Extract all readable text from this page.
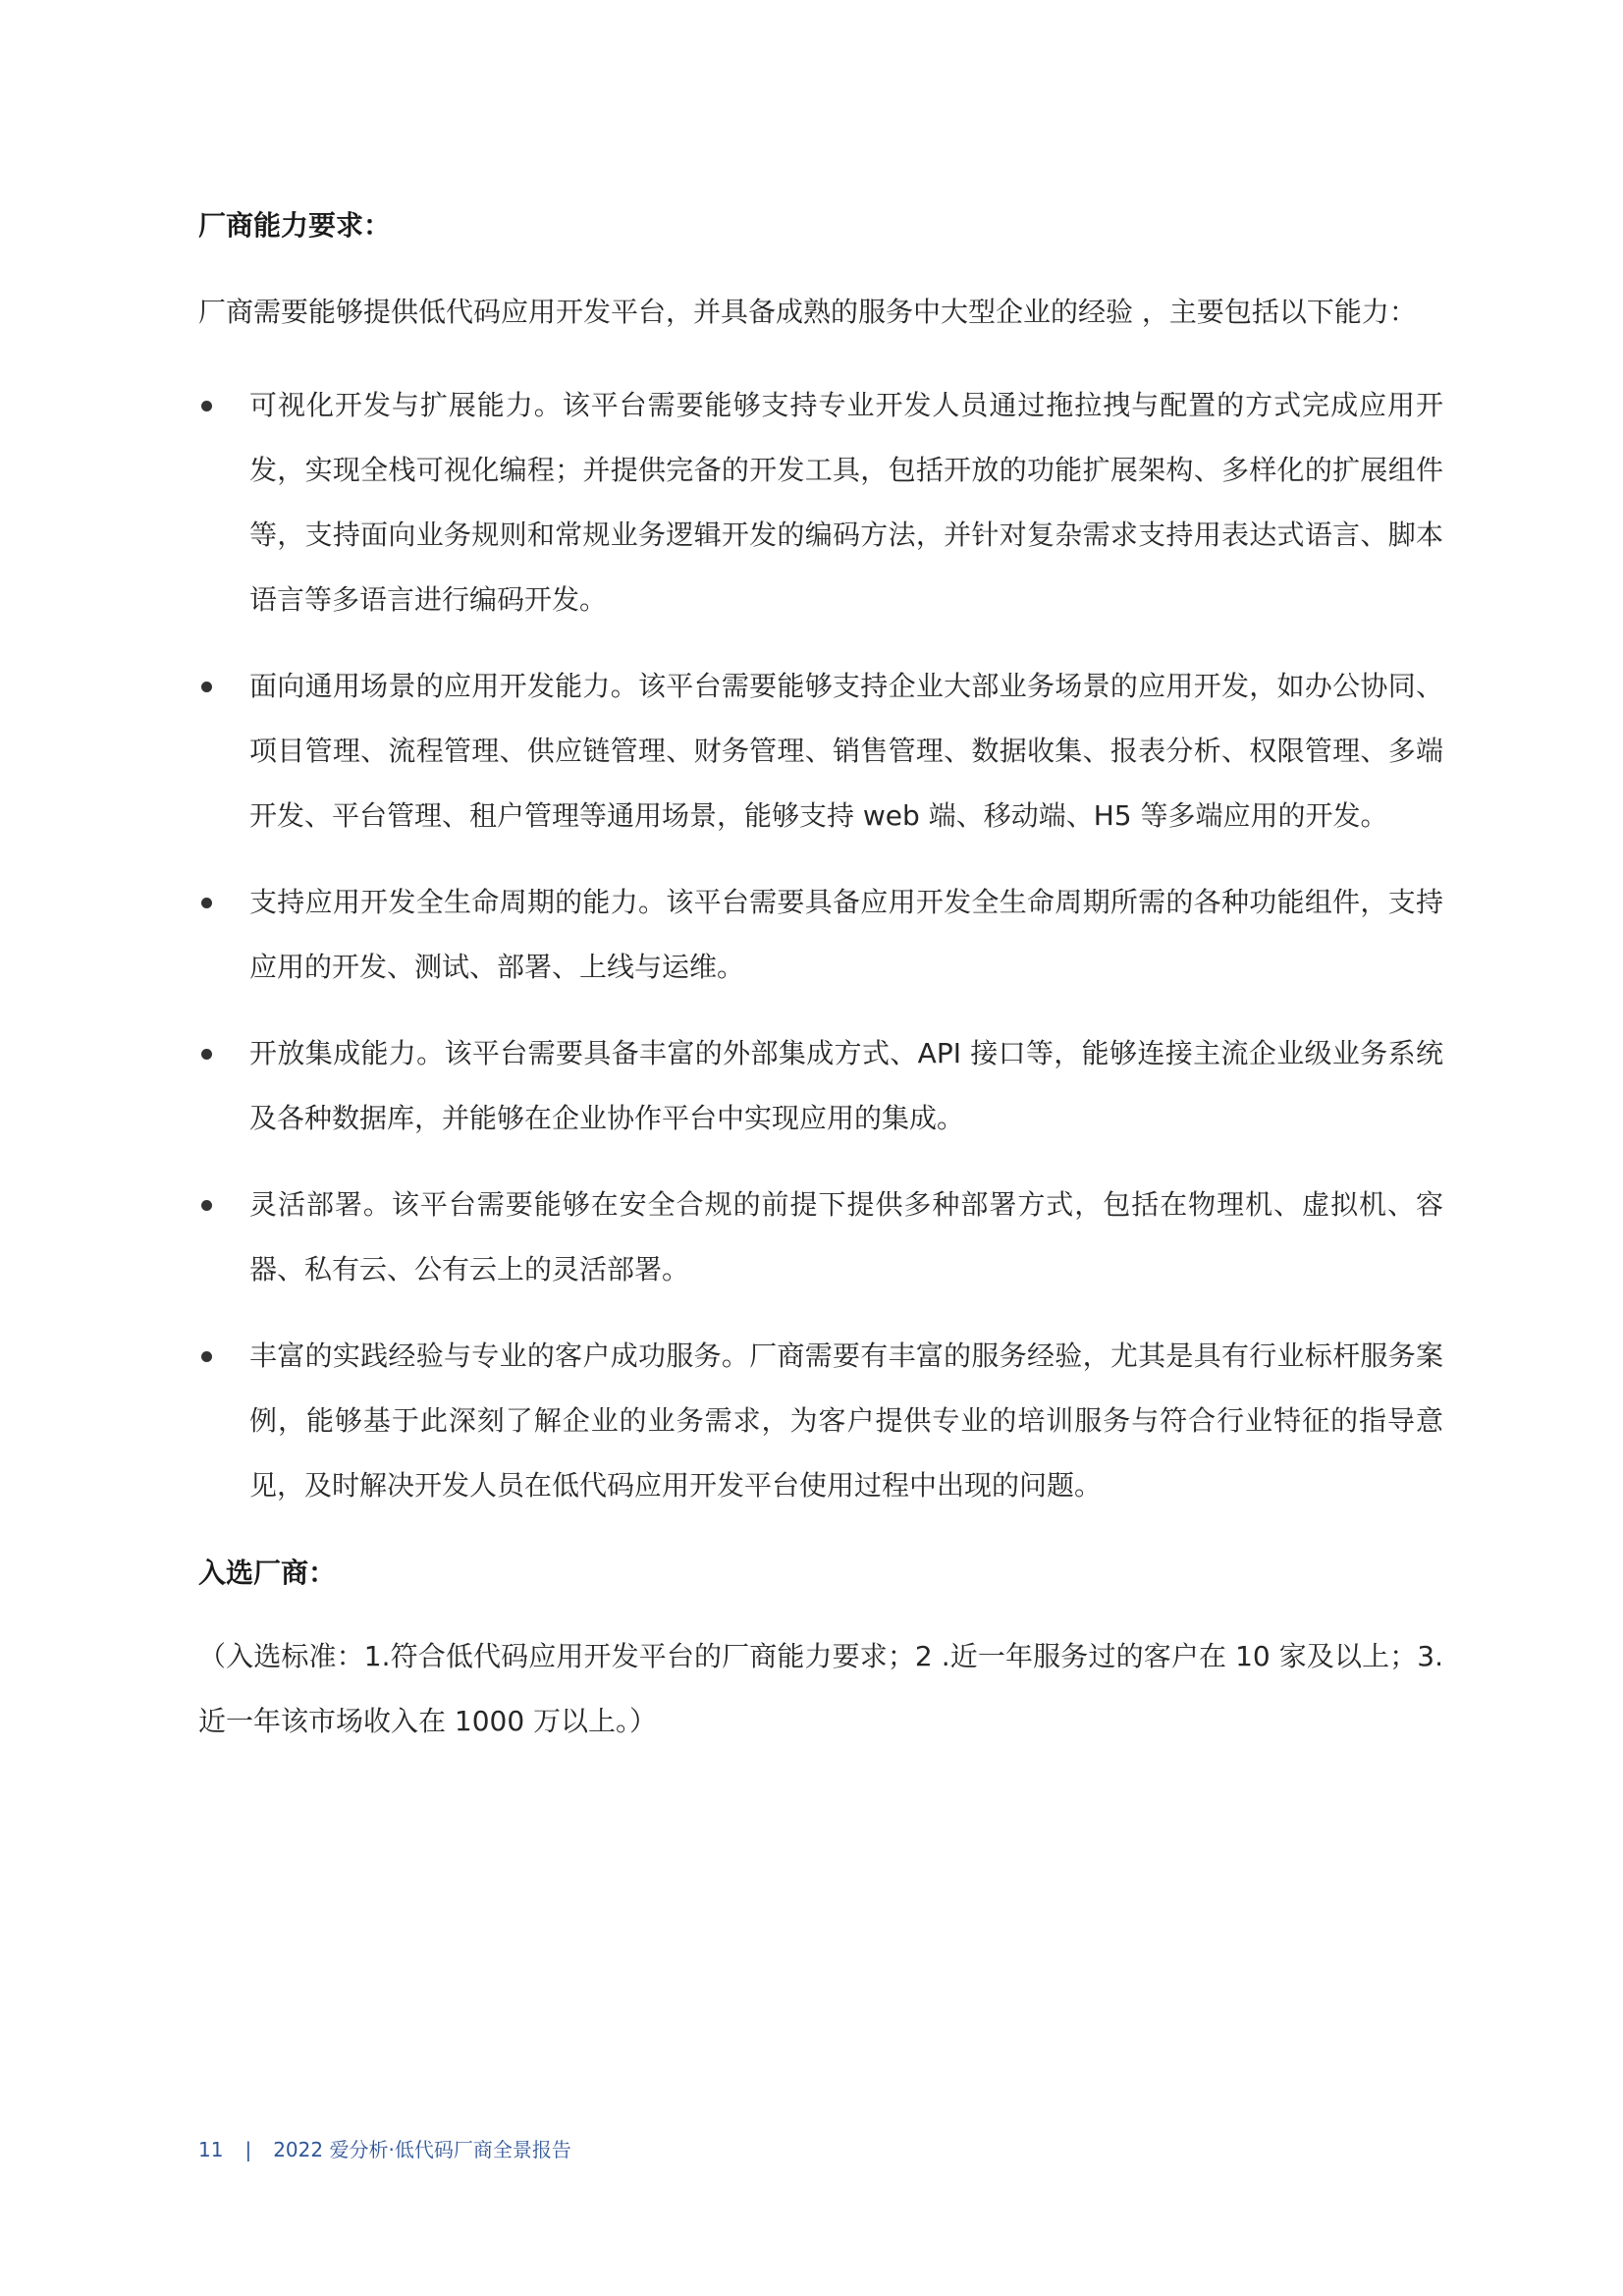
厂商能力要求：

厂商需要能够提供低代码应用开发平台，并具备成熟的服务中大型企业的经验 ，主要包括以下能力：

可视化开发与扩展能力。该平台需要能够支持专业开发人员通过拖拉拽与配置的方式完成应用开发，实现全栈可视化编程；并提供完备的开发工具，包括开放的功能扩展架构、多样化的扩展组件等，支持面向业务规则和常规业务逻辑开发的编码方法，并针对复杂需求支持用表达式语言、脚本语言等多语言进行编码开发。
面向通用场景的应用开发能力。该平台需要能够支持企业大部业务场景的应用开发，如办公协同、项目管理、流程管理、供应链管理、财务管理、销售管理、数据收集、报表分析、权限管理、多端开发、平台管理、租户管理等通用场景，能够支持 web 端、移动端、H5 等多端应用的开发。
支持应用开发全生命周期的能力。该平台需要具备应用开发全生命周期所需的各种功能组件，支持应用的开发、测试、部署、上线与运维。
开放集成能力。该平台需要具备丰富的外部集成方式、API 接口等，能够连接主流企业级业务系统及各种数据库，并能够在企业协作平台中实现应用的集成。
灵活部署。该平台需要能够在安全合规的前提下提供多种部署方式，包括在物理机、虚拟机、容器、私有云、公有云上的灵活部署。
丰富的实践经验与专业的客户成功服务。厂商需要有丰富的服务经验，尤其是具有行业标杆服务案例，能够基于此深刻了解企业的业务需求，为客户提供专业的培训服务与符合行业特征的指导意见，及时解决开发人员在低代码应用开发平台使用过程中出现的问题。

入选厂商：

（入选标准：1.符合低代码应用开发平台的厂商能力要求；2 .近一年服务过的客户在 10 家及以上；3.近一年该市场收入在 1000 万以上。）

11 | 2022 爱分析·低代码厂商全景报告
